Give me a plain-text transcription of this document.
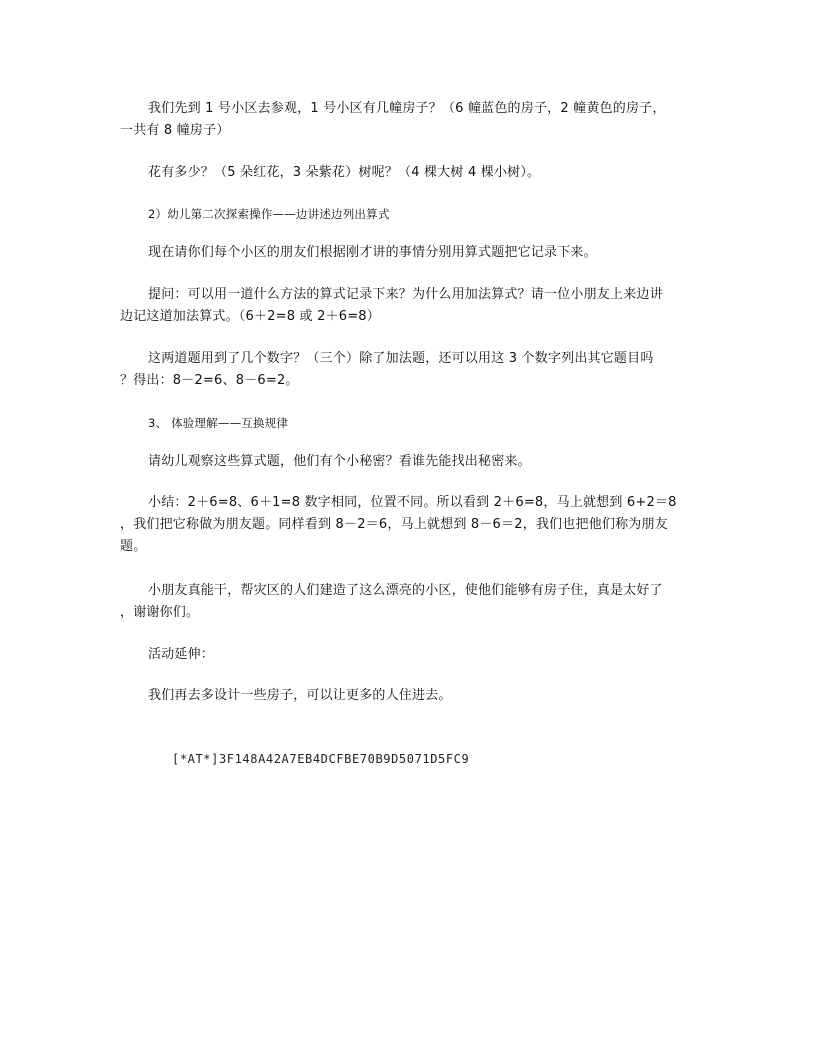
我们先到 1 号小区去参观，1 号小区有几幢房子？（6 幢蓝色的房子，2 幢黄色的房子，
一共有 8 幢房子）
花有多少？（5 朵红花，3 朵紫花）树呢？（4 棵大树 4 棵小树）。
2）幼儿第二次探索操作——边讲述边列出算式
现在请你们每个小区的朋友们根据刚才讲的事情分别用算式题把它记录下来。
提问：可以用一道什么方法的算式记录下来？为什么用加法算式？请一位小朋友上来边讲
边记这道加法算式。（6＋2=8 或 2＋6=8）
这两道题用到了几个数字？（三个）除了加法题，还可以用这 3 个数字列出其它题目吗
？得出：8－2=6、8－6=2。
3、 体验理解——互换规律
请幼儿观察这些算式题，他们有个小秘密？看谁先能找出秘密来。
小结：2＋6=8、6＋1=8 数字相同，位置不同。所以看到 2＋6=8，马上就想到 6+2＝8
，我们把它称做为朋友题。同样看到 8－2＝6，马上就想到 8－6＝2，我们也把他们称为朋友
题。
小朋友真能干，帮灾区的人们建造了这么漂亮的小区，使他们能够有房子住，真是太好了
，谢谢你们。
活动延伸：
我们再去多设计一些房子，可以让更多的人住进去。
[*AT*]3F148A42A7EB4DCFBE70B9D5071D5FC9
